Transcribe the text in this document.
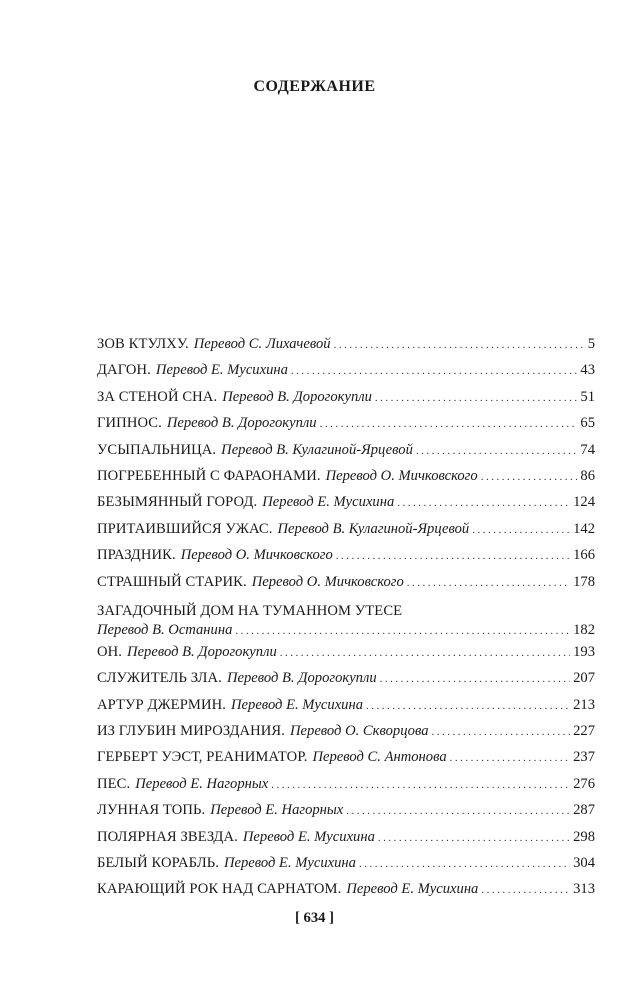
СОДЕРЖАНИЕ
ЗОВ КТУЛХУ. Перевод С. Лихачевой .....	5
ДАГОН. Перевод Е. Мусихина .....	43
ЗА СТЕНОЙ СНА. Перевод В. Дорогокупли .....	51
ГИПНОС. Перевод В. Дорогокупли .....	65
УСЫПАЛЬНИЦА. Перевод В. Кулагиной-Ярцевой .....	74
ПОГРЕБЕННЫЙ С ФАРАОНАМИ. Перевод О. Мичковского .....	86
БЕЗЫМЯННЫЙ ГОРОД. Перевод Е. Мусихина .....	124
ПРИТАИВШИЙСЯ УЖАС. Перевод В. Кулагиной-Ярцевой .....	142
ПРАЗДНИК. Перевод О. Мичковского .....	166
СТРАШНЫЙ СТАРИК. Перевод О. Мичковского .....	178
ЗАГАДОЧНЫЙ ДОМ НА ТУМАННОМ УТЕСЕ
Перевод В. Останина .....	182
ОН. Перевод В. Дорогокупли .....	193
СЛУЖИТЕЛЬ ЗЛА. Перевод В. Дорогокупли .....	207
АРТУР ДЖЕРМИН. Перевод Е. Мусихина .....	213
ИЗ ГЛУБИН МИРОЗДАНИЯ. Перевод О. Скворцова .....	227
ГЕРБЕРТ УЭСТ, РЕАНИМАТОР. Перевод С. Антонова .....	237
ПЕС. Перевод Е. Нагорных .....	276
ЛУННАЯ ТОПЬ. Перевод Е. Нагорных .....	287
ПОЛЯРНАЯ ЗВЕЗДА. Перевод Е. Мусихина .....	298
БЕЛЫЙ КОРАБЛЬ. Перевод Е. Мусихина .....	304
КАРАЮЩИЙ РОК НАД САРНАТОМ. Перевод Е. Мусихина .....	313
[ 634 ]
